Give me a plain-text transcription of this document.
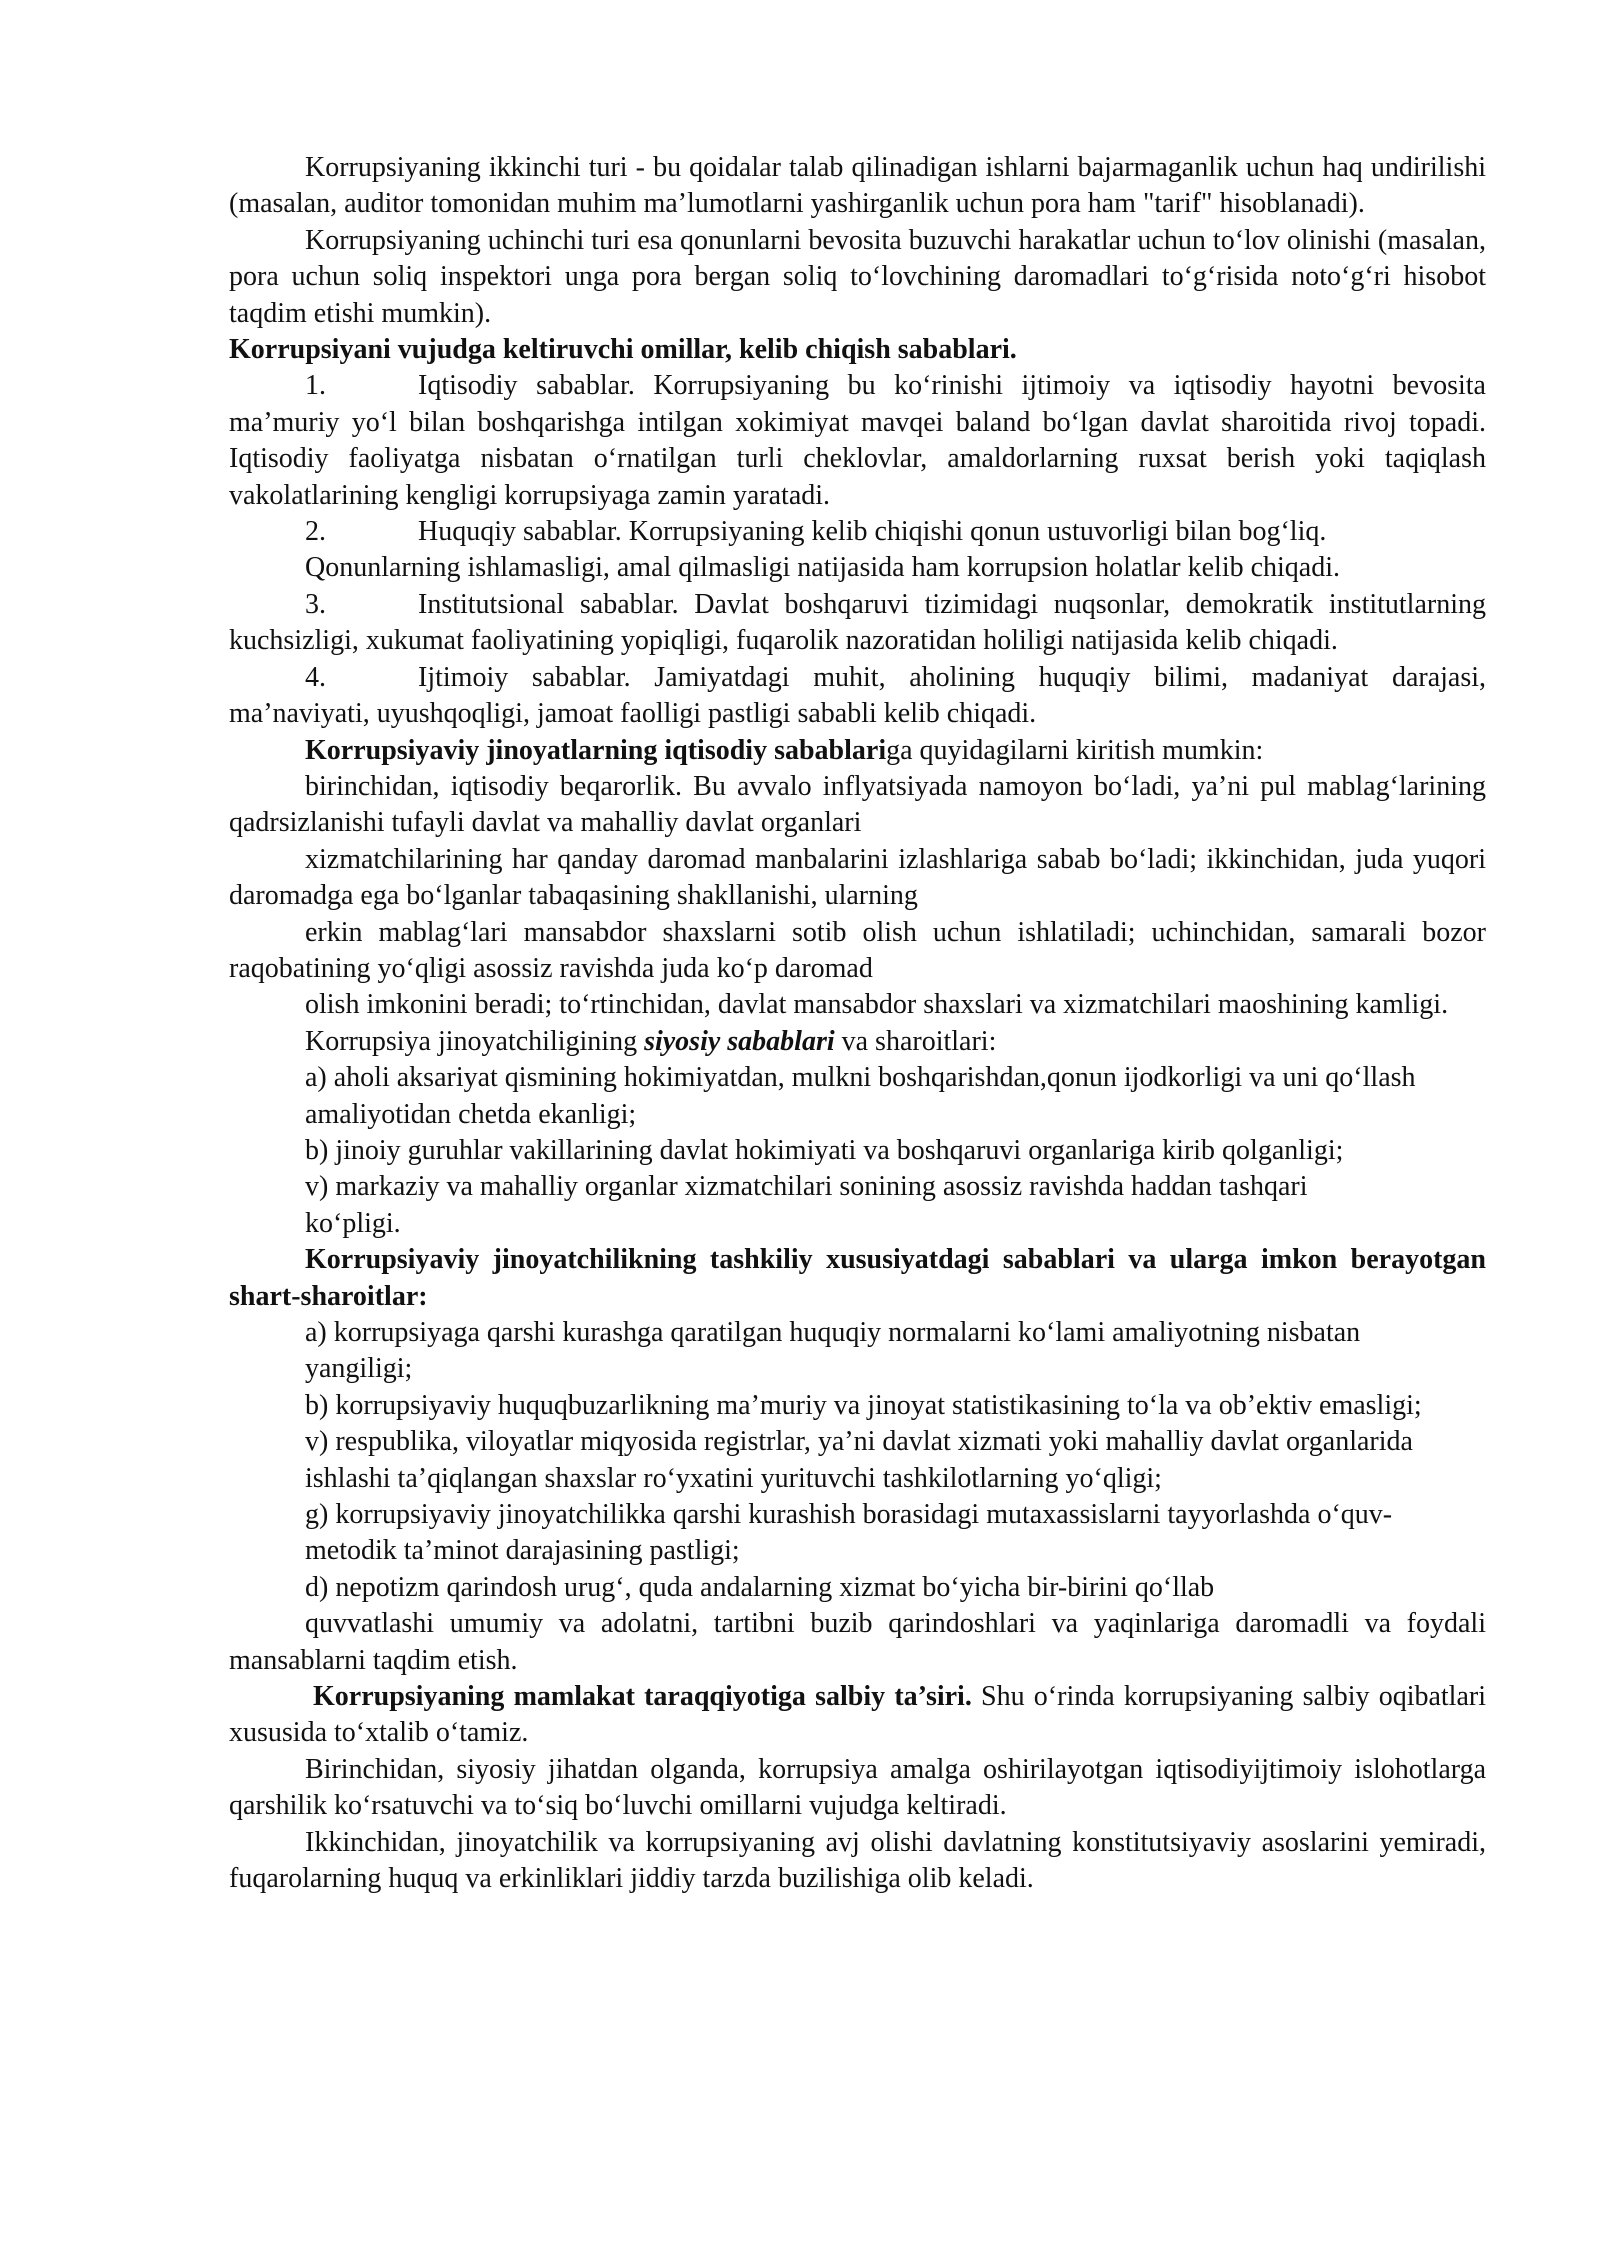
Korrupsiyaning ikkinchi turi - bu qoidalar talab qilinadigan ishlarni bajarmaganlik uchun haq undirilishi (masalan, auditor tomonidan muhim ma’lumotlarni yashirganlik uchun pora ham "tarif" hisoblanadi).

Korrupsiyaning uchinchi turi esa qonunlarni bevosita buzuvchi harakatlar uchun to‘lov olinishi (masalan, pora uchun soliq inspektori unga pora bergan soliq to‘lovchining daromadlari to‘g‘risida noto‘g‘ri hisobot taqdim etishi mumkin).

Korrupsiyani vujudga keltiruvchi omillar, kelib chiqish sabablari.

1.	Iqtisodiy sabablar. Korrupsiyaning bu ko‘rinishi ijtimoiy va iqtisodiy hayotni bevosita ma’muriy yo‘l bilan boshqarishga intilgan xokimiyat mavqei baland bo‘lgan davlat sharoitida rivoj topadi. Iqtisodiy faoliyatga nisbatan o‘rnatilgan turli cheklovlar, amaldorlarning ruxsat berish yoki taqiqlash vakolatlarining kengligi korrupsiyaga zamin yaratadi.

2.	Huquqiy sabablar. Korrupsiyaning kelib chiqishi qonun ustuvorligi bilan bog‘liq.

Qonunlarning ishlamasligi, amal qilmasligi natijasida ham korrupsion holatlar kelib chiqadi.

3.	Institutsional sabablar. Davlat boshqaruvi tizimidagi nuqsonlar, demokratik institutlarning kuchsizligi, xukumat faoliyatining yopiqligi, fuqarolik nazoratidan holiligi natijasida kelib chiqadi.

4.	Ijtimoiy sabablar. Jamiyatdagi muhit, aholining huquqiy bilimi, madaniyat darajasi, ma’naviyati, uyushqoqligi, jamoat faolligi pastligi sababli kelib chiqadi.

Korrupsiyaviy jinoyatlarning iqtisodiy sabablariga quyidagilarni kiritish mumkin:

birinchidan, iqtisodiy beqarorlik. Bu avvalo inflyatsiyada namoyon bo‘ladi, ya’ni pul mablag‘larining qadrsizlanishi tufayli davlat va mahalliy davlat organlari

xizmatchilarining har qanday daromad manbalarini izlashlariga sabab bo‘ladi; ikkinchidan, juda yuqori daromadga ega bo‘lganlar tabaqasining shakllanishi, ularning

erkin mablag‘lari mansabdor shaxslarni sotib olish uchun ishlatiladi; uchinchidan, samarali bozor raqobatining yo‘qligi asossiz ravishda juda ko‘p daromad

olish imkonini beradi; to‘rtinchidan, davlat mansabdor shaxslari va xizmatchilari maoshining kamligi.

Korrupsiya jinoyatchiligining siyosiy sabablari va sharoitlari:

a) aholi aksariyat qismining hokimiyatdan, mulkni boshqarishdan,qonun ijodkorligi va uni qo‘llash amaliyotidan chetda ekanligi;

b) jinoiy guruhlar vakillarining davlat hokimiyati va boshqaruvi organlariga kirib qolganligi;

v) markaziy va mahalliy organlar xizmatchilari sonining asossiz ravishda haddan tashqari ko‘pligi.

Korrupsiyaviy jinoyatchilikning tashkiliy xususiyatdagi sabablari va ularga imkon berayotgan shart-sharoitlar:

a) korrupsiyaga qarshi kurashga qaratilgan huquqiy normalarni ko‘lami amaliyotning nisbatan yangiligi;

b) korrupsiyaviy huquqbuzarlikning ma’muriy va jinoyat statistikasining to‘la va ob’ektiv emasligi;

v) respublika, viloyatlar miqyosida registrlar, ya’ni davlat xizmati yoki mahalliy davlat organlarida ishlashi ta’qiqlangan shaxslar ro‘yxatini yurituvchi tashkilotlarning yo‘qligi;

g) korrupsiyaviy jinoyatchilikka qarshi kurashish borasidagi mutaxassislarni tayyorlashda o‘quv-metodik ta’minot darajasining pastligi;

d) nepotizm qarindosh urug‘, quda andalarning xizmat bo‘yicha bir-birini qo‘llab

quvvatlashi umumiy va adolatni, tartibni buzib qarindoshlari va yaqinlariga daromadli va foydali mansablarni taqdim etish.

Korrupsiyaning mamlakat taraqqiyotiga salbiy ta’siri. Shu o‘rinda korrupsiyaning salbiy oqibatlari xususida to‘xtalib o‘tamiz.

Birinchidan, siyosiy jihatdan olganda, korrupsiya amalga oshirilayotgan iqtisodiyijtimoiy islohotlarga qarshilik ko‘rsatuvchi va to‘siq bo‘luvchi omillarni vujudga keltiradi.

Ikkinchidan, jinoyatchilik va korrupsiyaning avj olishi davlatning konstitutsiyaviy asoslarini yemiradi, fuqarolarning huquq va erkinliklari jiddiy tarzda buzilishiga olib keladi.
